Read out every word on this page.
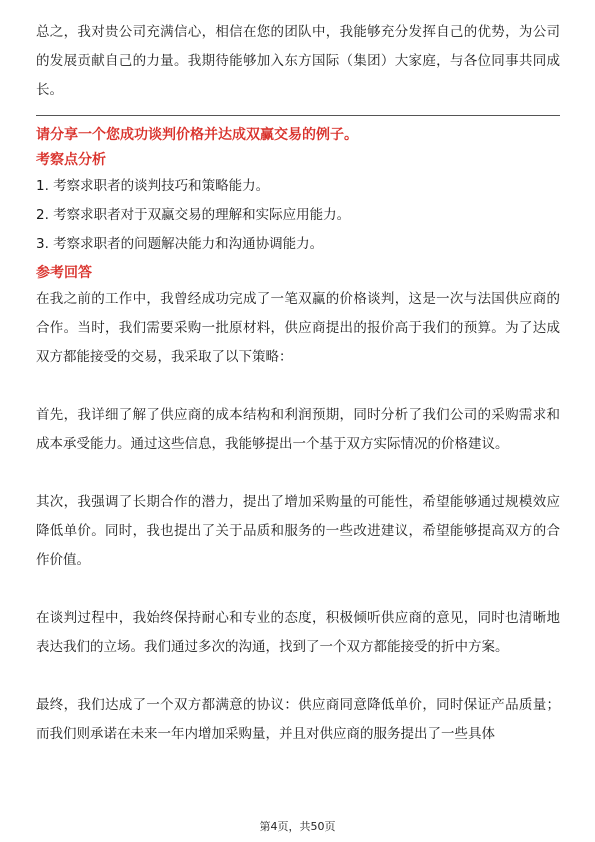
总之，我对贵公司充满信心，相信在您的团队中，我能够充分发挥自己的优势，为公司的发展贡献自己的力量。我期待能够加入东方国际（集团）大家庭，与各位同事共同成长。

请分享一个您成功谈判价格并达成双赢交易的例子。

考察点分析

1. 考察求职者的谈判技巧和策略能力。
2. 考察求职者对于双赢交易的理解和实际应用能力。
3. 考察求职者的问题解决能力和沟通协调能力。

参考回答

在我之前的工作中，我曾经成功完成了一笔双赢的价格谈判，这是一次与法国供应商的合作。当时，我们需要采购一批原材料，供应商提出的报价高于我们的预算。为了达成双方都能接受的交易，我采取了以下策略：

首先，我详细了解了供应商的成本结构和利润预期，同时分析了我们公司的采购需求和成本承受能力。通过这些信息，我能够提出一个基于双方实际情况的价格建议。

其次，我强调了长期合作的潜力，提出了增加采购量的可能性，希望能够通过规模效应降低单价。同时，我也提出了关于品质和服务的一些改进建议，希望能够提高双方的合作价值。

在谈判过程中，我始终保持耐心和专业的态度，积极倾听供应商的意见，同时也清晰地表达我们的立场。我们通过多次的沟通，找到了一个双方都能接受的折中方案。

最终，我们达成了一个双方都满意的协议：供应商同意降低单价，同时保证产品质量；而我们则承诺在未来一年内增加采购量，并且对供应商的服务提出了一些具体

第4页，共50页
